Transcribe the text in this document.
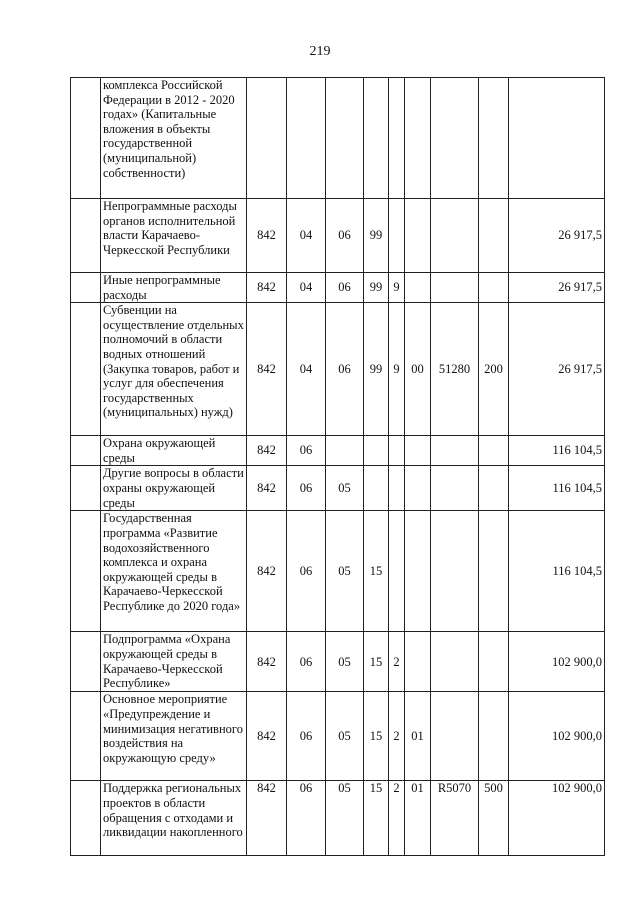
219
	комплекса Российской Федерации в 2012 - 2020 годах» (Капитальные вложения в объекты государственной (муниципальной) собственности)									
	Непрограммные расходы органов исполнительной власти Карачаево-Черкесской Республики	842	04	06	99					26 917,5
	Иные непрограммные расходы	842	04	06	99	9				26 917,5
	Субвенции на осуществление отдельных полномочий в области водных отношений (Закупка товаров, работ и услуг для обеспечения государственных (муниципальных) нужд)	842	04	06	99	9	00	51280	200	26 917,5
	Охрана окружающей среды	842	06							116 104,5
	Другие вопросы в области охраны окружающей среды	842	06	05						116 104,5
	Государственная программа «Развитие водохозяйственного комплекса и охрана окружающей среды в Карачаево-Черкесской Республике до 2020 года»	842	06	05	15					116 104,5
	Подпрограмма «Охрана окружающей среды в Карачаево-Черкесской Республике»	842	06	05	15	2				102 900,0
	Основное мероприятие «Предупреждение и минимизация негативного воздействия на окружающую среду»	842	06	05	15	2	01			102 900,0
	Поддержка региональных проектов в области обращения с отходами и ликвидации накопленного	842	06	05	15	2	01	R5070	500	102 900,0
